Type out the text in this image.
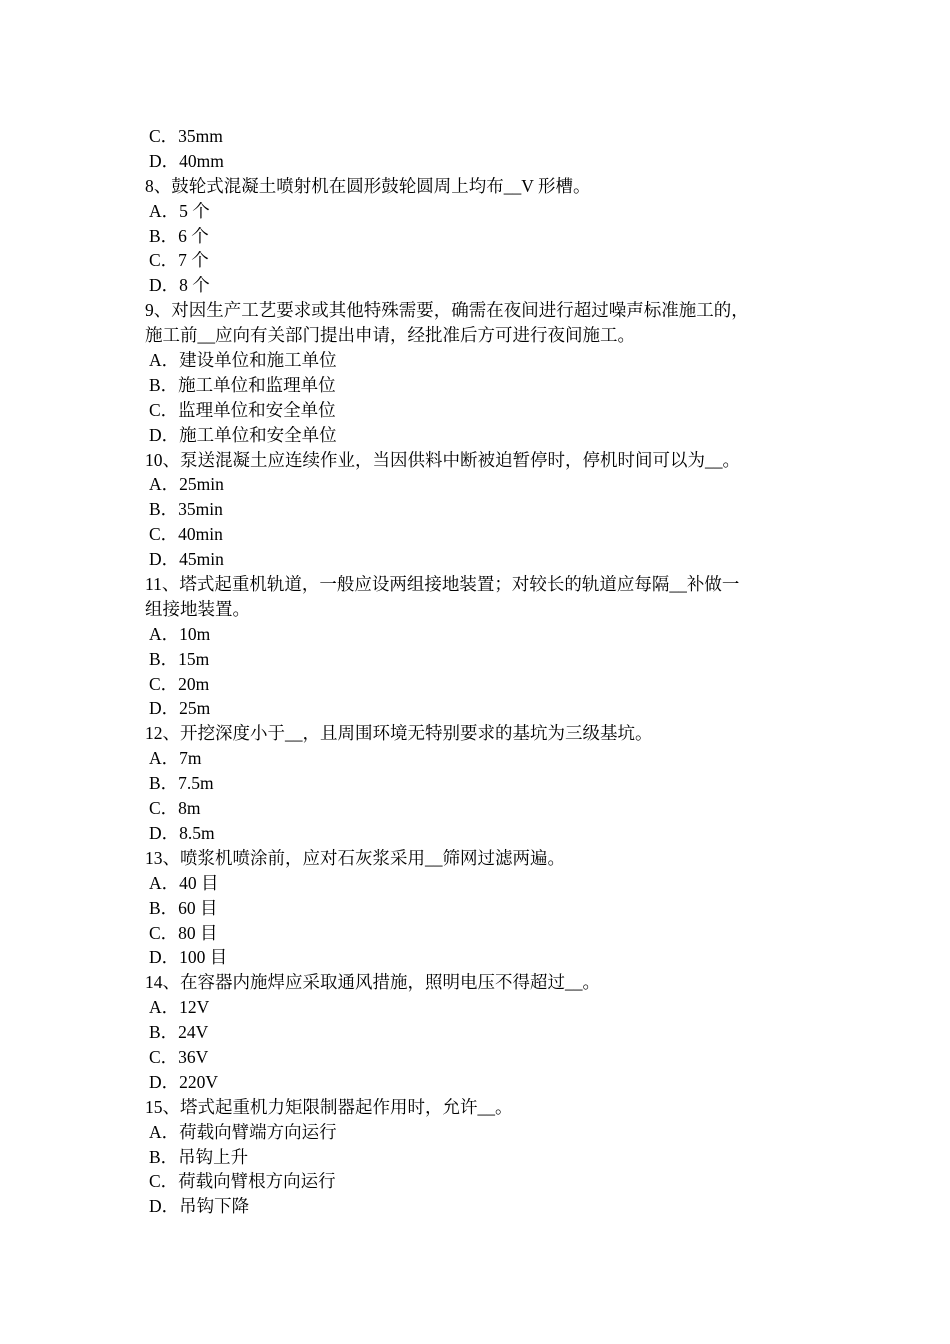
C．35mm
D．40mm
8、鼓轮式混凝土喷射机在圆形鼓轮圆周上均布__V 形槽。
A．5 个
B．6 个
C．7 个
D．8 个
9、对因生产工艺要求或其他特殊需要，确需在夜间进行超过噪声标准施工的，
施工前__应向有关部门提出申请，经批准后方可进行夜间施工。
A．建设单位和施工单位
B．施工单位和监理单位
C．监理单位和安全单位
D．施工单位和安全单位
10、泵送混凝土应连续作业，当因供料中断被迫暂停时，停机时间可以为__。
A．25min
B．35min
C．40min
D．45min
11、塔式起重机轨道，一般应设两组接地装置；对较长的轨道应每隔__补做一
组接地装置。
A．10m
B．15m
C．20m
D．25m
12、开挖深度小于__，且周围环境无特别要求的基坑为三级基坑。
A．7m
B．7.5m
C．8m
D．8.5m
13、喷浆机喷涂前，应对石灰浆采用__筛网过滤两遍。
A．40 目
B．60 目
C．80 目
D．100 目
14、在容器内施焊应采取通风措施，照明电压不得超过__。
A．12V
B．24V
C．36V
D．220V
15、塔式起重机力矩限制器起作用时，允许__。
A．荷载向臂端方向运行
B．吊钩上升
C．荷载向臂根方向运行
D．吊钩下降
